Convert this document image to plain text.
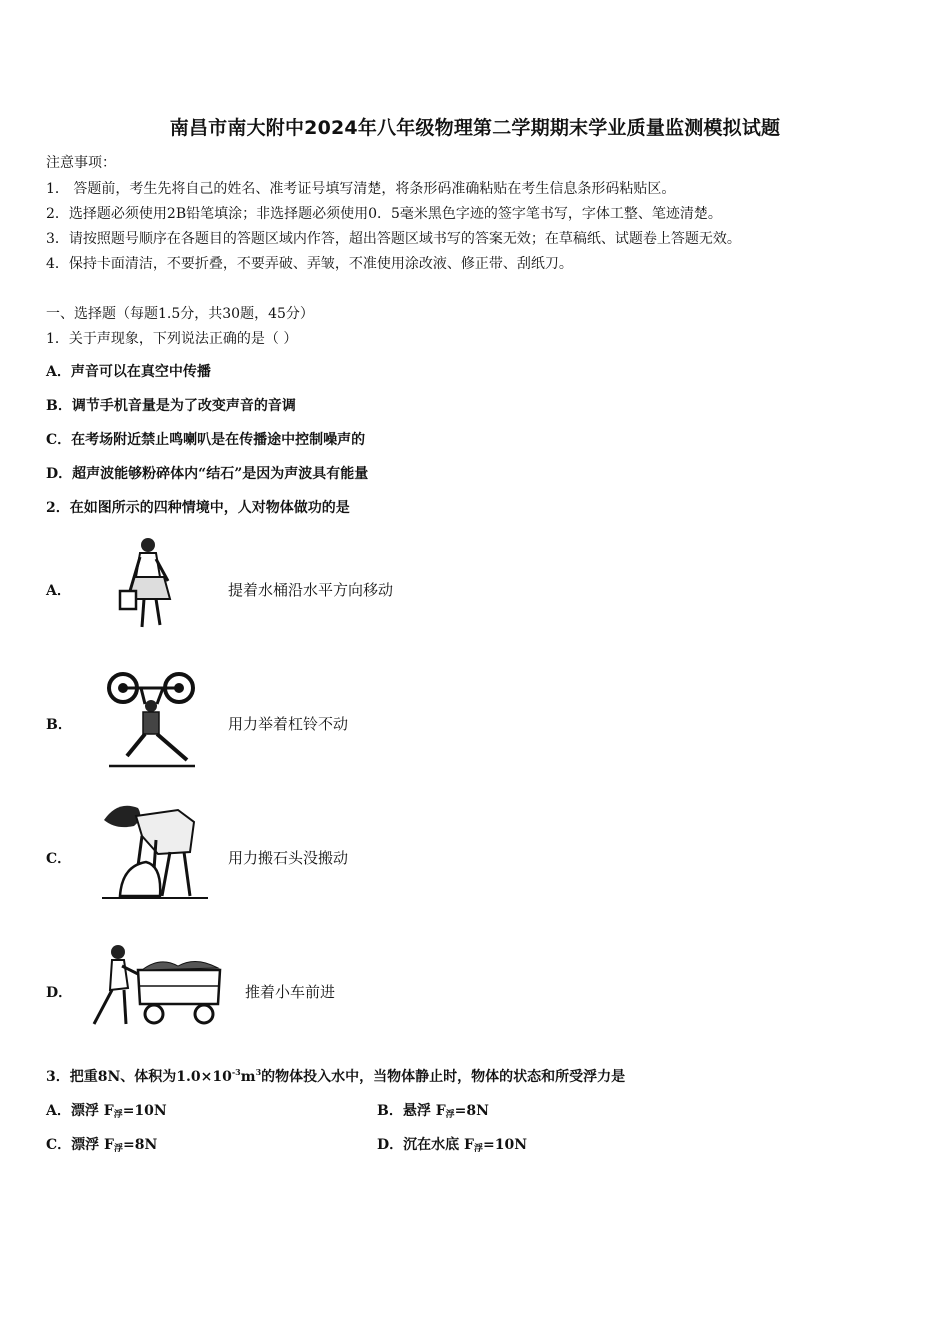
南昌市南大附中2024年八年级物理第二学期期末学业质量监测模拟试题
注意事项：
1． 答题前，考生先将自己的姓名、准考证号填写清楚，将条形码准确粘贴在考生信息条形码粘贴区。
2．选择题必须使用2B铅笔填涂；非选择题必须使用0．5毫米黑色字迹的签字笔书写，字体工整、笔迹清楚。
3．请按照题号顺序在各题目的答题区域内作答，超出答题区域书写的答案无效；在草稿纸、试题卷上答题无效。
4．保持卡面清洁，不要折叠，不要弄破、弄皱，不准使用涂改液、修正带、刮纸刀。
一、选择题（每题1.5分，共30题，45分）
1．关于声现象，下列说法正确的是（ ）
A．声音可以在真空中传播
B．调节手机音量是为了改变声音的音调
C．在考场附近禁止鸣喇叭是在传播途中控制噪声的
D．超声波能够粉碎体内“结石”是因为声波具有能量
2．在如图所示的四种情境中，人对物体做功的是
A．	提着水桶沿水平方向移动
B．	用力举着杠铃不动
C．	用力搬石头没搬动
D．	推着小车前进
3．把重8N、体积为$1.0\times 10^{-3}m^3$的物体投入水中，当物体静止时，物体的状态和所受浮力是
A．漂浮 $F_浮=10N$	B．悬浮 $F_浮=8N$
C．漂浮 $F_浮=8N$	D．沉在水底 $F_浮=10N$
